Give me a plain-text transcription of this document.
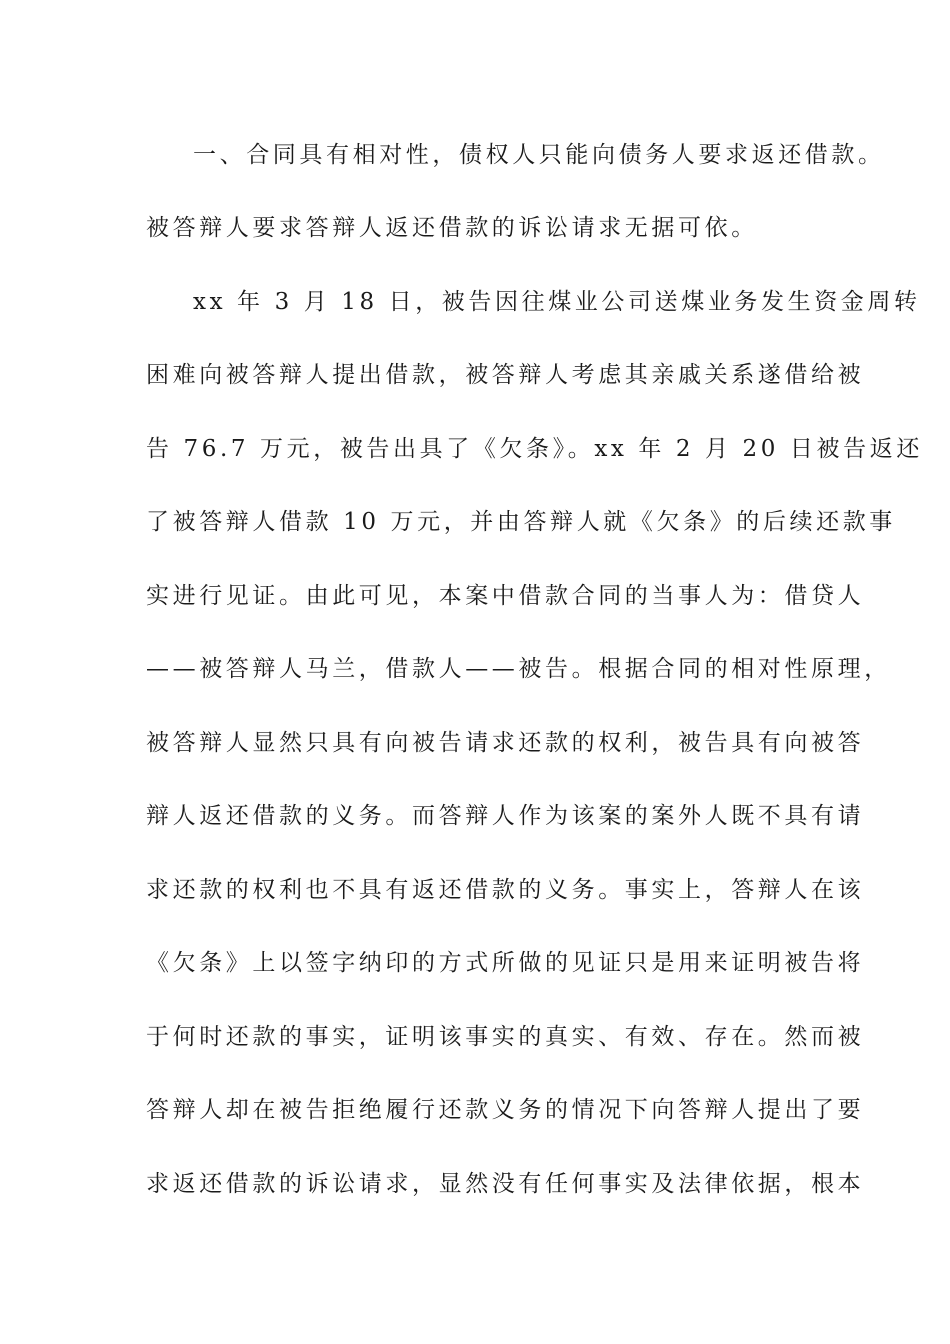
一、合同具有相对性，债权人只能向债务人要求返还借款。
被答辩人要求答辩人返还借款的诉讼请求无据可依。
xx 年 3 月 18 日，被告因往煤业公司送煤业务发生资金周转
困难向被答辩人提出借款，被答辩人考虑其亲戚关系遂借给被
告 76.7 万元，被告出具了《欠条》。xx 年 2 月 20 日被告返还
了被答辩人借款 10 万元，并由答辩人就《欠条》的后续还款事
实进行见证。由此可见，本案中借款合同的当事人为：借贷人
——被答辩人马兰，借款人——被告。根据合同的相对性原理，
被答辩人显然只具有向被告请求还款的权利，被告具有向被答
辩人返还借款的义务。而答辩人作为该案的案外人既不具有请
求还款的权利也不具有返还借款的义务。事实上，答辩人在该
《欠条》上以签字纳印的方式所做的见证只是用来证明被告将
于何时还款的事实，证明该事实的真实、有效、存在。然而被
答辩人却在被告拒绝履行还款义务的情况下向答辩人提出了要
求返还借款的诉讼请求，显然没有任何事实及法律依据，根本
